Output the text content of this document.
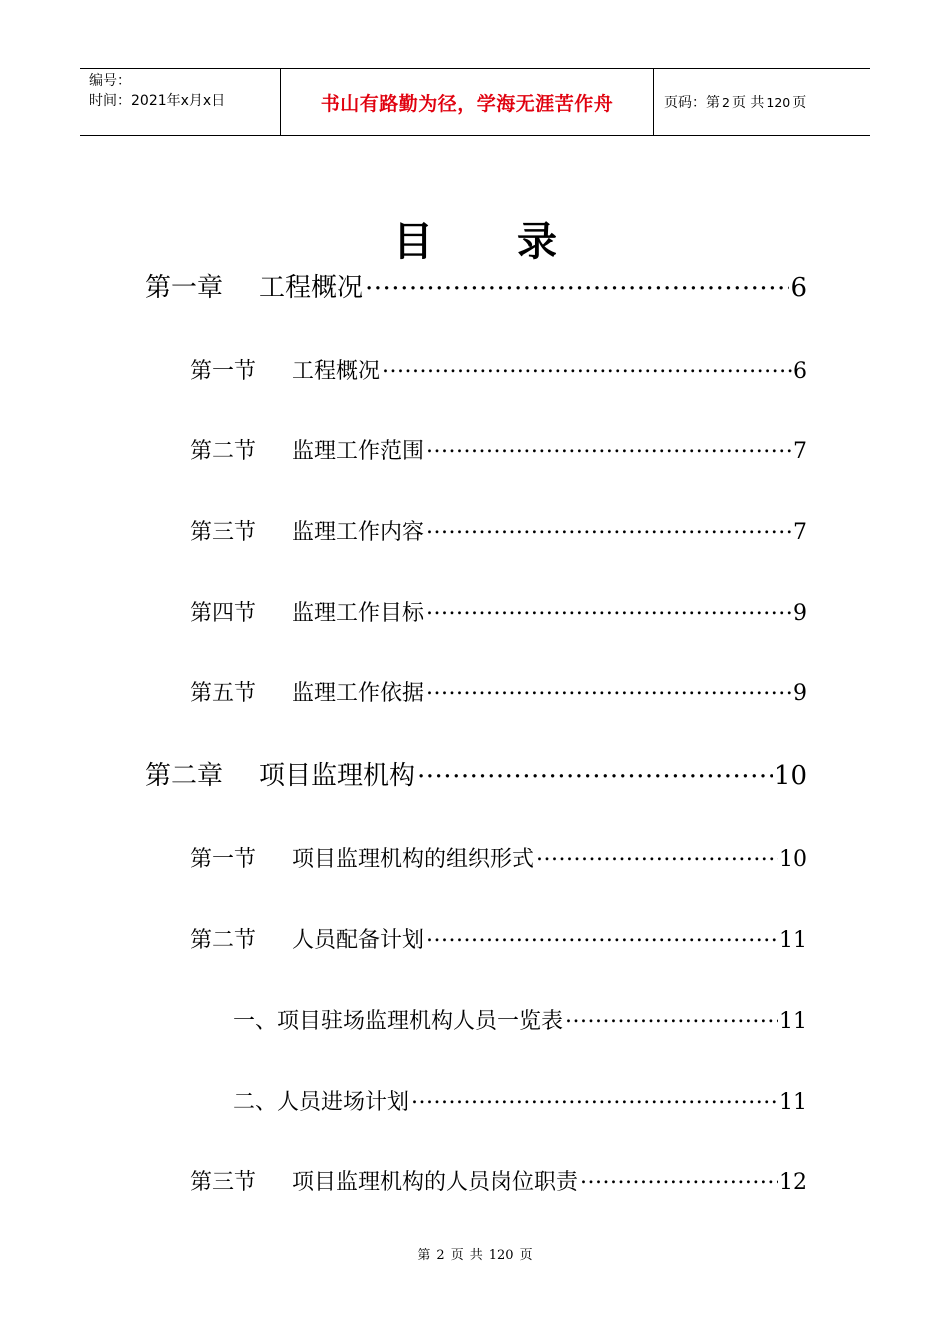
编号：
时间：2021年x月x日	书山有路勤为径，学海无涯苦作舟	页码：第 2 页 共 120 页
目 录
第一章 工程概况 .....	6
第一节 工程概况 .....	6
第二节 监理工作范围 .....	7
第三节 监理工作内容 .....	7
第四节 监理工作目标 .....	9
第五节 监理工作依据 .....	9
第二章 项目监理机构 .....	10
第一节 项目监理机构的组织形式 .....	10
第二节 人员配备计划 .....	11
一、项目驻场监理机构人员一览表 .....	11
二、人员进场计划 .....	11
第三节 项目监理机构的人员岗位职责 .....	12
第 2 页 共 120 页
